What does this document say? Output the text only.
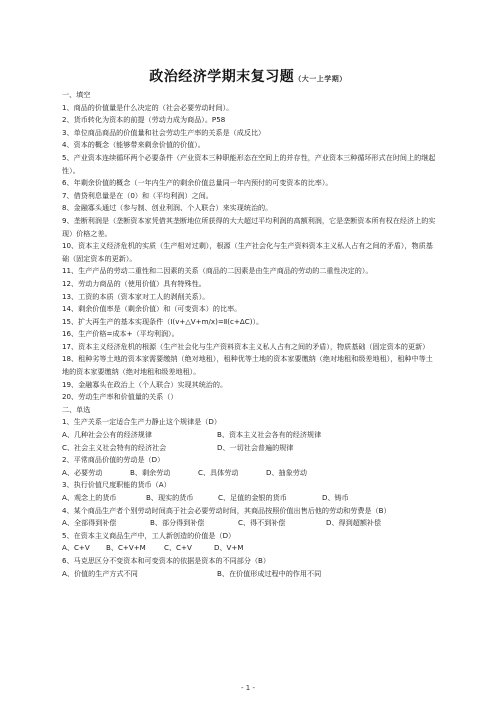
政治经济学期末复习题（大一上学期）
一、填空
1、商品的价值量是什么决定的（社会必要劳动时间）。
2、货币转化为资本的前提（劳动力成为商品）。P58
3、单位商品商品的价值量和社会劳动生产率的关系是（成反比）
4、资本的概念（能够带来剩余价值的价值）。
5、产业资本连续循环两个必要条件（产业资本三种职能形态在空间上的并存性，产业资本三种循环形式在时间上的继起性）。
6、年剩余价值的概念（一年内生产的剩余价值总量同一年内预付的可变资本的比率）。
7、借贷利息量是在（0）和（平均利润）之间。
8、金融寡头通过（参与制、创业利润、个人联合）来实现统治的。
9、垄断利润是（垄断资本家凭借其垄断地位所获得的大大超过平均利润的高额利润，它是垄断资本所有权在经济上的实现）价格之差。
10、资本主义经济危机的实质（生产相对过剩），根源（生产社会化与生产资料资本主义私人占有之间的矛盾），物质基础（固定资本的更新）。
11、生产产品的劳动二重性和二因素的关系（商品的二因素是由生产商品的劳动的二重性决定的）。
12、劳动力商品的（使用价值）具有特殊性。
13、工资的本质（资本家对工人的剥削关系）。
14、剩余价值率是（剩余价值）和（可变资本）的比率。
15、扩大再生产的基本实现条件（Ⅰ(v+△V+m/x)=Ⅱ(c+ΔC)）。
16、生产价格=成本+（平均利润）。
17、资本主义经济危机的根源（生产社会化与生产资料资本主义私人占有之间的矛盾），物质基础（固定资本的更新）
18、租种劣等土地的资本家需要缴纳（绝对地租），租种优等土地的资本家要缴纳（绝对地租和级差地租），租种中等土地的资本家要缴纳（绝对地租和级差地租）。
19、金融寡头在政治上（个人联合）实现其统治的。
20、劳动生产率和价值量的关系（）
二、单选
1、生产关系一定适合生产力静止这个规律是（D）
A、几种社会公有的经济规律	B、资本主义社会各有的经济规律
C、社会主义社会特有的经济社会	D、一切社会普遍的规律
2、平常商品价值的劳动是（D）
A、必要劳动	B、剩余劳动	C、具体劳动	D、抽象劳动
3、执行价值尺度职能的货币（A）
A、观念上的货币	B、现实的货币	C、足值的金银的货币	D、铸币
4、某个商品生产者个别劳动时间高于社会必要劳动时间，其商品按照价值出售后他的劳动和劳费是（B）
A、全部得到补偿	B、部分得到补偿	C、得不到补偿	D、得到超额补偿
5、在资本主义商品生产中，工人新创造的价值是（D）
A、C+V	B、C+V+M	C、C+V	D、V+M
6、马克思区分不变资本和可变资本的依据是资本的不同部分（B）
A、价值的生产方式不同	B、在价值形成过程中的作用不同
- 1 -
